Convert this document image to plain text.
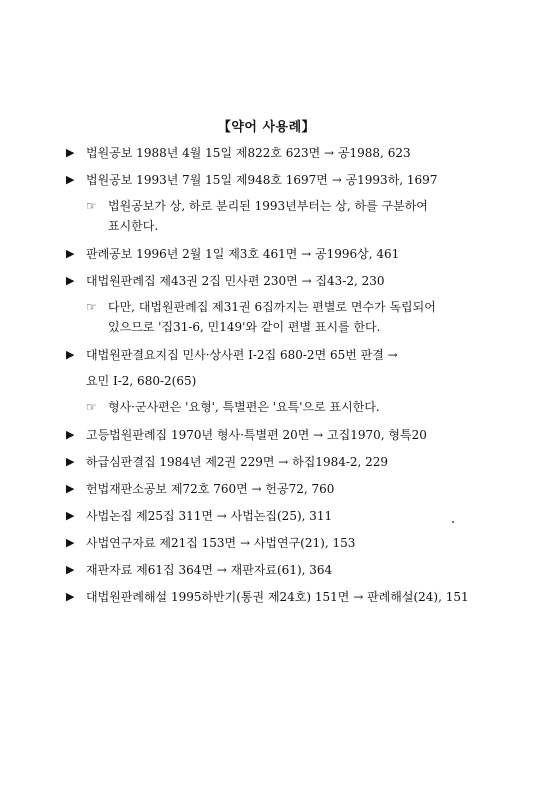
【약어 사용례】
▶ 법원공보 1988년 4월 15일 제822호 623면 → 공1988, 623
▶ 법원공보 1993년 7월 15일 제948호 1697면 → 공1993하, 1697
☞ 법원공보가 상, 하로 분리된 1993년부터는 상, 하를 구분하여
표시한다.
▶ 판례공보 1996년 2월 1일 제3호 461면 → 공1996상, 461
▶ 대법원판례집 제43권 2집 민사편 230면 → 집43-2, 230
☞ 다만, 대법원판례집 제31권 6집까지는 편별로 면수가 독립되어
있으므로 '집31-6, 민149'와 같이 편별 표시를 한다.
▶ 대법원판결요지집 민사·상사편 Ⅰ-2집 680-2면 65번 판결 →
요민 Ⅰ-2, 680-2(65)
☞ 형사·군사편은 '요형', 특별편은 '요특'으로 표시한다.
▶ 고등법원판례집 1970년 형사·특별편 20면 → 고집1970, 형특20
▶ 하급심판결집 1984년 제2권 229면 → 하집1984-2, 229
▶ 헌법재판소공보 제72호 760면 → 헌공72, 760
▶ 사법논집 제25집 311면 → 사법논집(25), 311
▶ 사법연구자료 제21집 153면 → 사법연구(21), 153
▶ 재판자료 제61집 364면 → 재판자료(61), 364
▶ 대법원판례해설 1995하반기(통권 제24호) 151면 → 판례해설(24), 151
